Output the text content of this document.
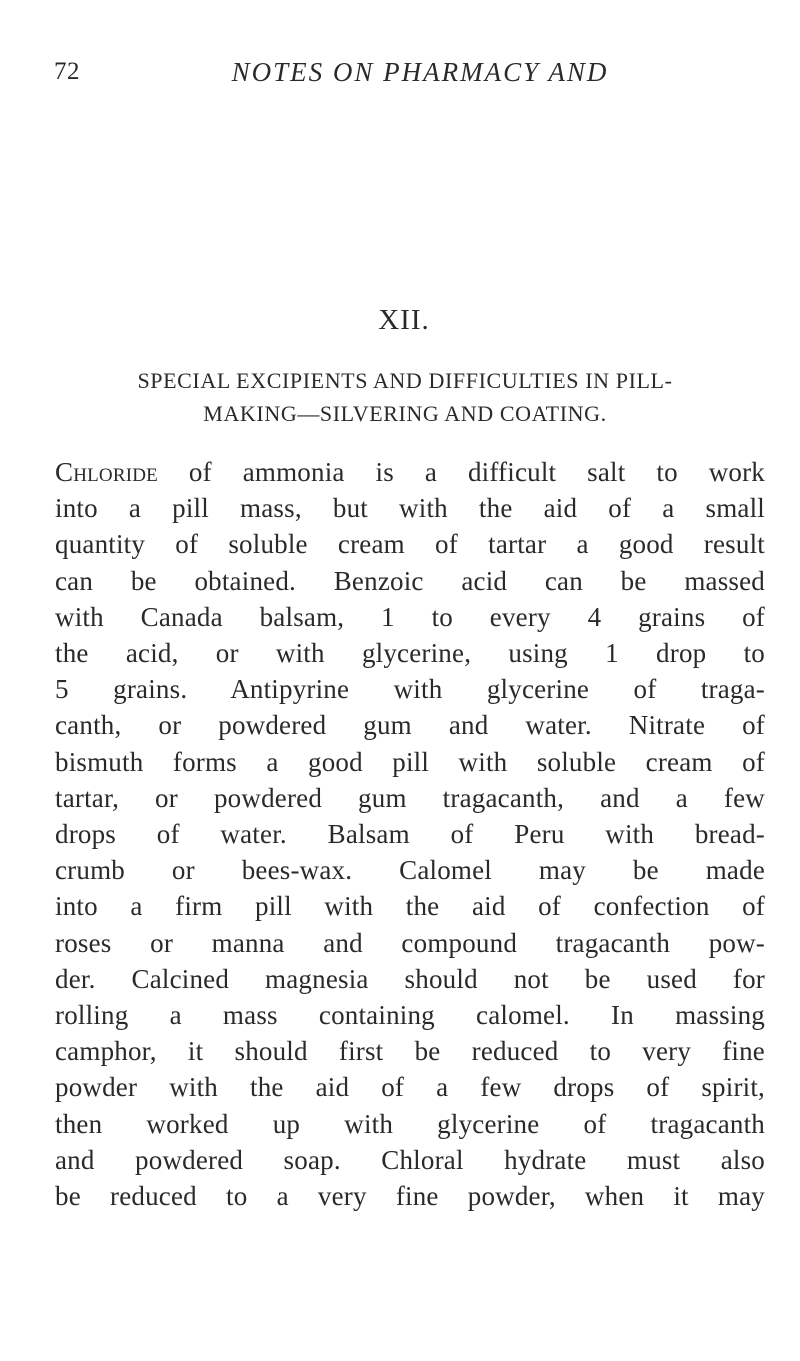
72	NOTES ON PHARMACY AND
XII.
SPECIAL EXCIPIENTS AND DIFFICULTIES IN PILL-
MAKING—SILVERING AND COATING.
Chloride of ammonia is a difficult salt to work
into a pill mass, but with the aid of a small
quantity of soluble cream of tartar a good result
can be obtained. Benzoic acid can be massed
with Canada balsam, 1 to every 4 grains of
the acid, or with glycerine, using 1 drop to
5 grains. Antipyrine with glycerine of traga-
canth, or powdered gum and water. Nitrate of
bismuth forms a good pill with soluble cream of
tartar, or powdered gum tragacanth, and a few
drops of water. Balsam of Peru with bread-
crumb or bees-wax. Calomel may be made
into a firm pill with the aid of confection of
roses or manna and compound tragacanth pow-
der. Calcined magnesia should not be used for
rolling a mass containing calomel. In massing
camphor, it should first be reduced to very fine
powder with the aid of a few drops of spirit,
then worked up with glycerine of tragacanth
and powdered soap. Chloral hydrate must also
be reduced to a very fine powder, when it may
